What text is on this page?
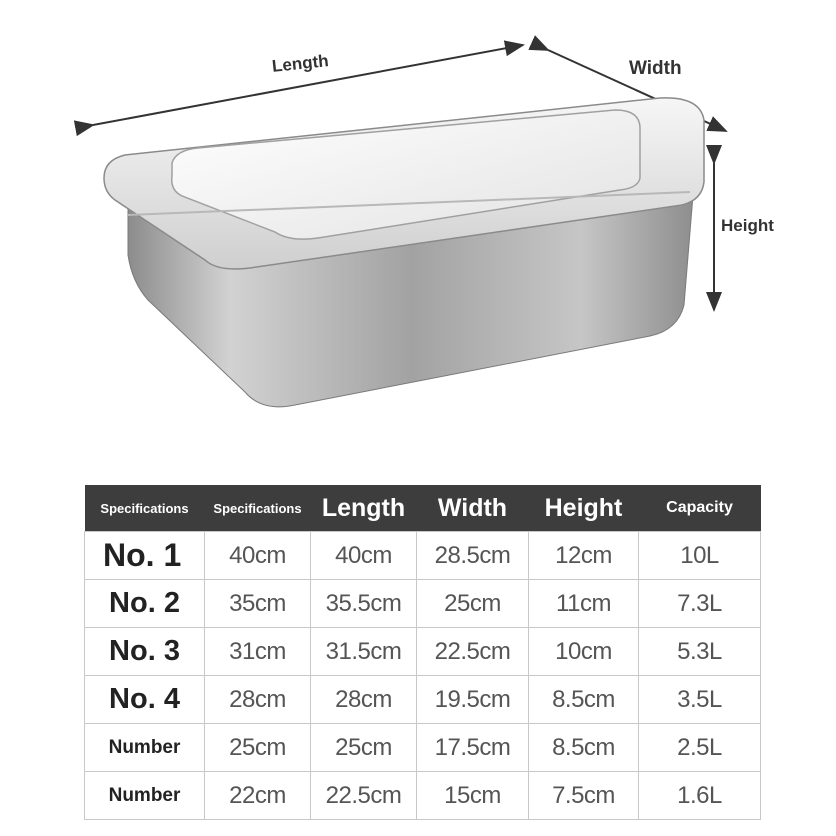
Length	Width
Height
Specifications	Specifications	Length	Width	Height	Capacity
No. 1	40cm	40cm	28.5cm	12cm	10L
No. 2	35cm	35.5cm	25cm	11cm	7.3L
No. 3	31cm	31.5cm	22.5cm	10cm	5.3L
No. 4	28cm	28cm	19.5cm	8.5cm	3.5L
Number	25cm	25cm	17.5cm	8.5cm	2.5L
Number	22cm	22.5cm	15cm	7.5cm	1.6L
